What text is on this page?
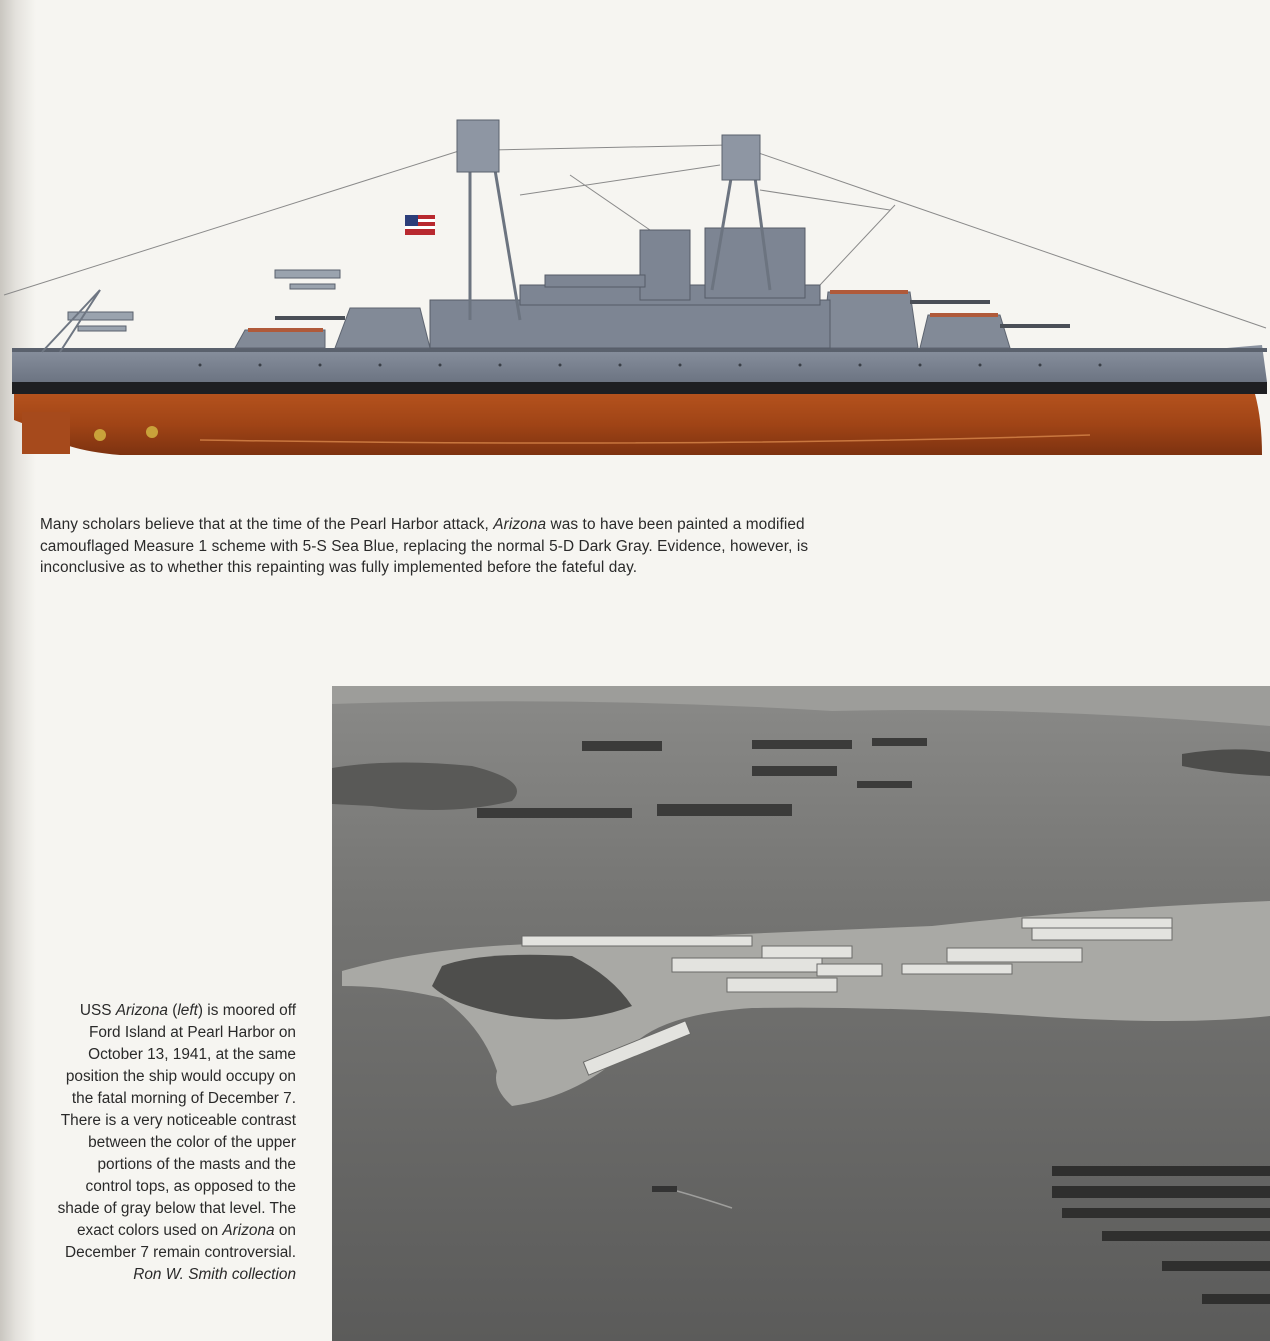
Many scholars believe that at the time of the Pearl Harbor attack, Arizona was to have been painted a modified
camouflaged Measure 1 scheme with 5-S Sea Blue, replacing the normal 5-D Dark Gray. Evidence, however, is
inconclusive as to whether this repainting was fully implemented before the fateful day.
USS Arizona (left) is moored off
Ford Island at Pearl Harbor on
October 13, 1941, at the same
position the ship would occupy on
the fatal morning of December 7.
There is a very noticeable contrast
between the color of the upper
portions of the masts and the
control tops, as opposed to the
shade of gray below that level. The
exact colors used on Arizona on
December 7 remain controversial.
Ron W. Smith collection
